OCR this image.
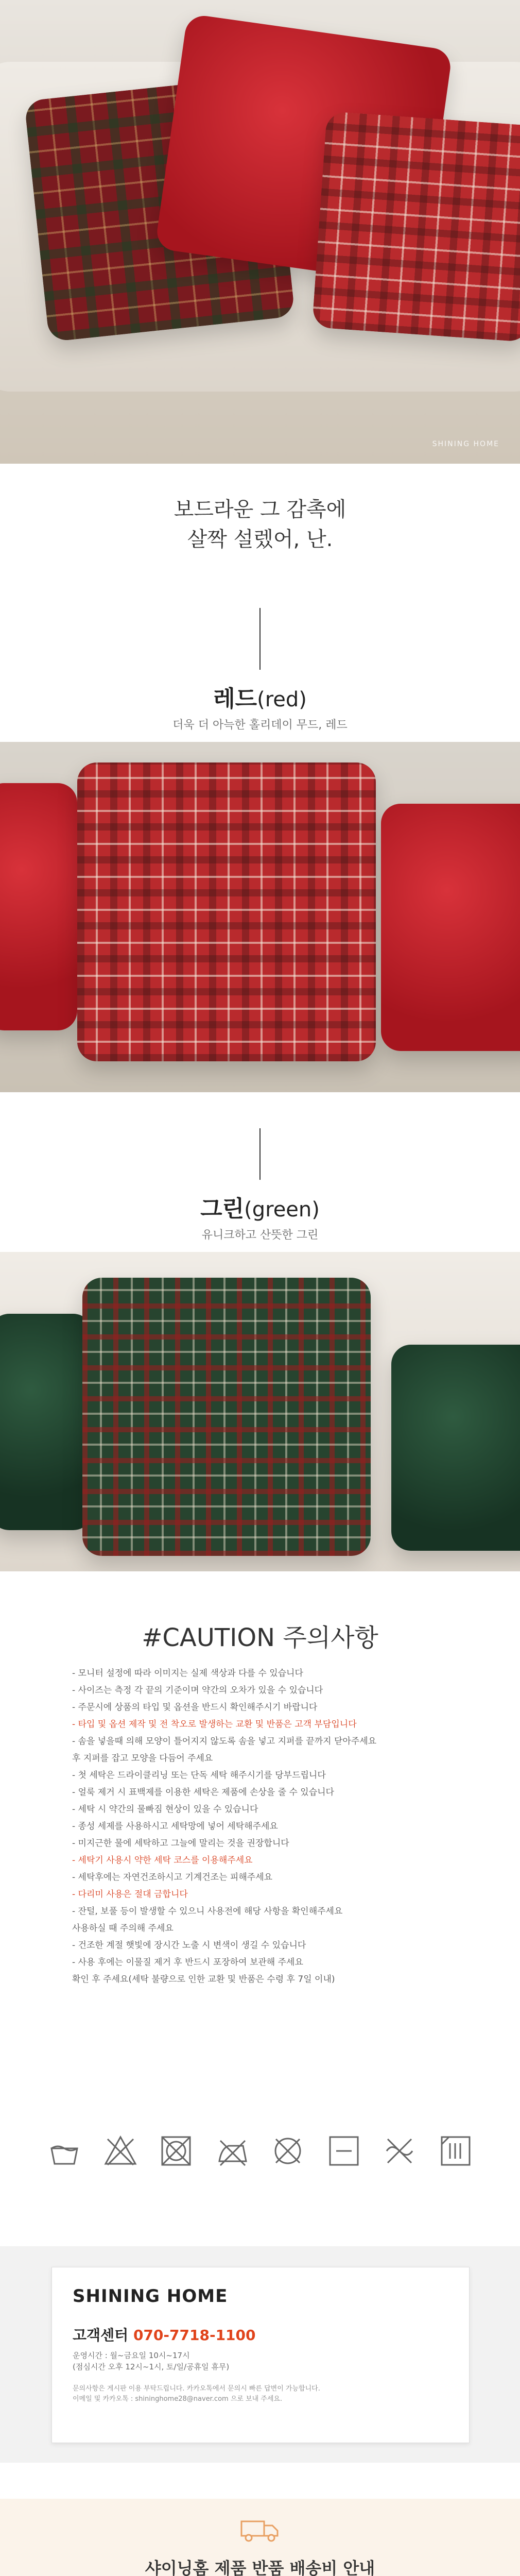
SHINING HOME
보드라운 그 감촉에
살짝 설렜어, 난.
레드(red)
더욱 더 아늑한 홀리데이 무드, 레드
그린(green)
유니크하고 산뜻한 그린
#CAUTION 주의사항
- 모니터 설정에 따라 이미지는 실제 색상과 다를 수 있습니다
- 사이즈는 측정 각 끝의 기준이며 약간의 오차가 있을 수 있습니다
- 주문시에 상품의 타입 및 옵션을 반드시 확인해주시기 바랍니다
- 타입 및 옵션 제작 및 전 착오로 발생하는 교환 및 반품은 고객 부담입니다
- 솜을 넣을때 의해 모양이 틀어지지 않도록 솜을 넣고 지퍼를 끝까지 닫아주세요
후 지퍼를 잡고 모양을 다듬어 주세요
- 첫 세탁은 드라이클리닝 또는 단독 세탁 해주시기를 당부드립니다
- 얼룩 제거 시 표백제를 이용한 세탁은 제품에 손상을 줄 수 있습니다
- 세탁 시 약간의 물빠짐 현상이 있을 수 있습니다
- 종성 세제를 사용하시고 세탁망에 넣어 세탁해주세요
- 미지근한 물에 세탁하고 그늘에 말리는 것을 권장합니다
- 세탁기 사용시 약한 세탁 코스를 이용해주세요
- 세탁후에는 자연건조하시고 기계건조는 피해주세요
- 다리미 사용은 절대 금합니다
- 잔털, 보풀 등이 발생할 수 있으니 사용전에 해당 사항을 확인해주세요
사용하실 때 주의해 주세요
- 건조한 계절 햇빛에 장시간 노출 시 변색이 생길 수 있습니다
- 사용 후에는 이물질 제거 후 반드시 포장하여 보관해 주세요
확인 후 주세요(세탁 불량으로 인한 교환 및 반품은 수령 후 7일 이내)
SHINING HOME
고객센터 070-7718-1100
운영시간 : 월~금요일 10시~17시
(점심시간 오후 12시~1시, 토/일/공휴일 휴무)
문의사항은 게시판 이용 부탁드립니다. 카카오톡에서 문의시 빠른 답변이 가능합니다.
이메일 및 카카오톡 : shininghome28@naver.com 으로 보내 주세요.
샤이닝홈 제품 반품 배송비 안내
